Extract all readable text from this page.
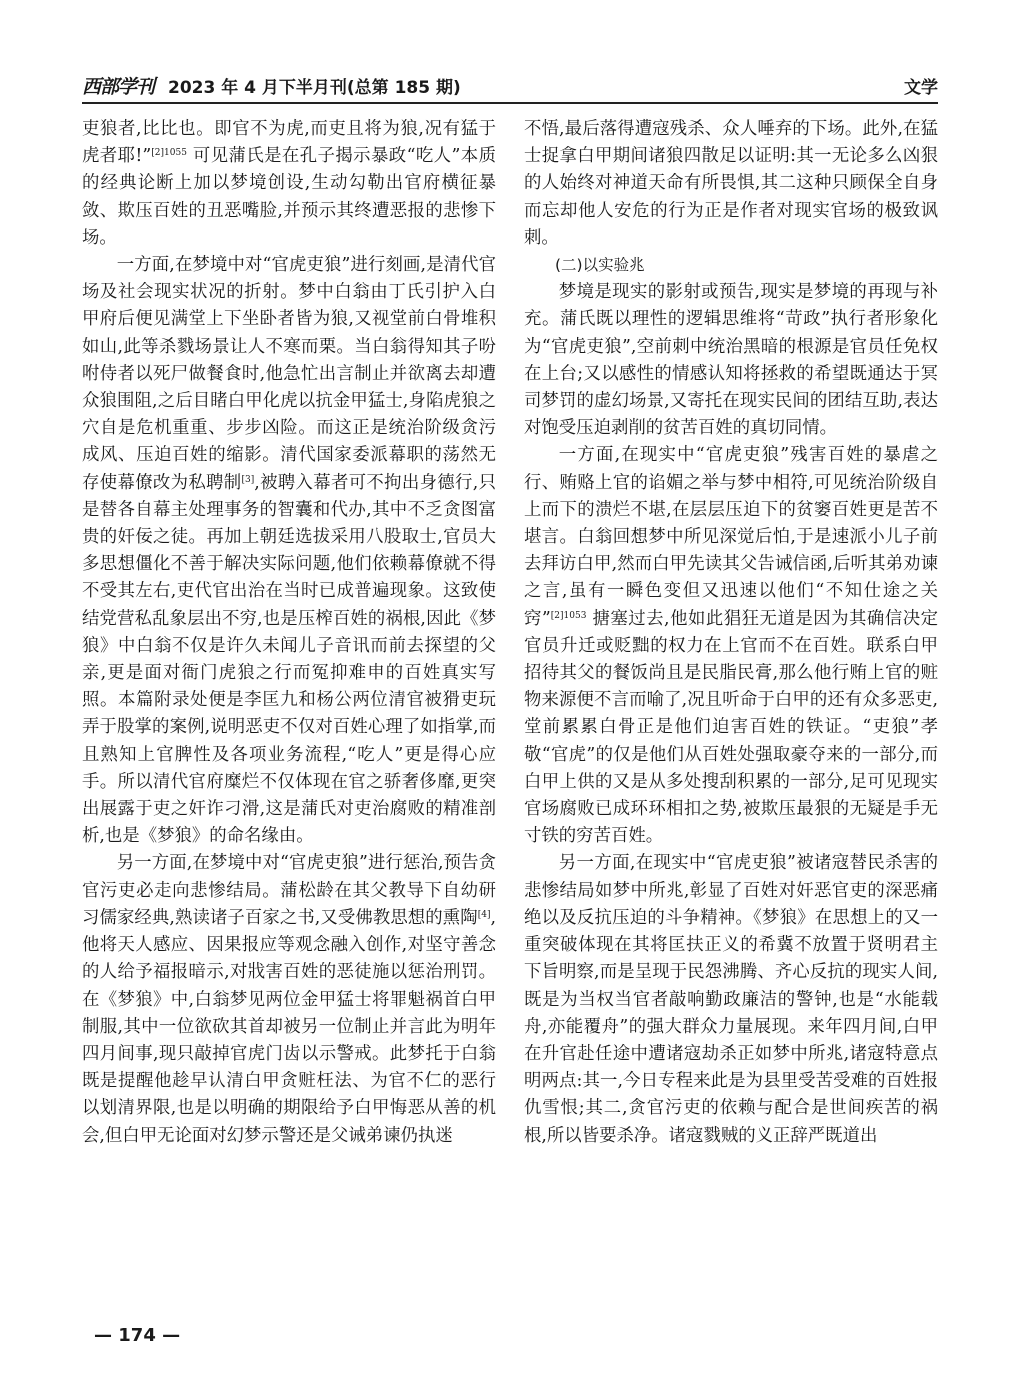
西部学刊 2023 年 4 月下半月刊(总第 185 期)	文学

吏狼者,比比也。即官不为虎,而吏且将为狼,况有猛于虎者耶!”$^{[2]1055}$ 可见蒲氏是在孔子揭示暴政“吃人”本质的经典论断上加以梦境创设,生动勾勒出官府横征暴敛、欺压百姓的丑恶嘴脸,并预示其终遭恶报的悲惨下场。

一方面,在梦境中对“官虎吏狼”进行刻画,是清代官场及社会现实状况的折射。梦中白翁由丁氏引护入白甲府后便见满堂上下坐卧者皆为狼,又视堂前白骨堆积如山,此等杀戮场景让人不寒而栗。当白翁得知其子吩咐侍者以死尸做餐食时,他急忙出言制止并欲离去却遭众狼围阻,之后目睹白甲化虎以抗金甲猛士,身陷虎狼之穴自是危机重重、步步凶险。而这正是统治阶级贪污成风、压迫百姓的缩影。清代国家委派幕职的荡然无存使幕僚改为私聘制[3],被聘入幕者可不拘出身德行,只是替各自幕主处理事务的智囊和代办,其中不乏贪图富贵的奸佞之徒。再加上朝廷选拔采用八股取士,官员大多思想僵化不善于解决实际问题,他们依赖幕僚就不得不受其左右,吏代官出治在当时已成普遍现象。这致使结党营私乱象层出不穷,也是压榨百姓的祸根,因此《梦狼》中白翁不仅是许久未闻儿子音讯而前去探望的父亲,更是面对衙门虎狼之行而冤抑难申的百姓真实写照。本篇附录处便是李匡九和杨公两位清官被猾吏玩弄于股掌的案例,说明恶吏不仅对百姓心理了如指掌,而且熟知上官脾性及各项业务流程,“吃人”更是得心应手。所以清代官府糜烂不仅体现在官之骄奢侈靡,更突出展露于吏之奸诈刁滑,这是蒲氏对吏治腐败的精准剖析,也是《梦狼》的命名缘由。

另一方面,在梦境中对“官虎吏狼”进行惩治,预告贪官污吏必走向悲惨结局。蒲松龄在其父教导下自幼研习儒家经典,熟读诸子百家之书,又受佛教思想的熏陶[4],他将天人感应、因果报应等观念融入创作,对坚守善念的人给予福报暗示,对戕害百姓的恶徒施以惩治刑罚。在《梦狼》中,白翁梦见两位金甲猛士将罪魁祸首白甲制服,其中一位欲砍其首却被另一位制止并言此为明年四月间事,现只敲掉官虎门齿以示警戒。此梦托于白翁既是提醒他趁早认清白甲贪赃枉法、为官不仁的恶行以划清界限,也是以明确的期限给予白甲悔恶从善的机会,但白甲无论面对幻梦示警还是父诫弟谏仍执迷

不悟,最后落得遭寇残杀、众人唾弃的下场。此外,在猛士捉拿白甲期间诸狼四散足以证明:其一无论多么凶狠的人始终对神道天命有所畏惧,其二这种只顾保全自身而忘却他人安危的行为正是作者对现实官场的极致讽刺。

(二)以实验兆

梦境是现实的影射或预告,现实是梦境的再现与补充。蒲氏既以理性的逻辑思维将“苛政”执行者形象化为“官虎吏狼”,空前刺中统治黑暗的根源是官员任免权在上台;又以感性的情感认知将拯救的希望既通达于冥司梦罚的虚幻场景,又寄托在现实民间的团结互助,表达对饱受压迫剥削的贫苦百姓的真切同情。

一方面,在现实中“官虎吏狼”残害百姓的暴虐之行、贿赂上官的谄媚之举与梦中相符,可见统治阶级自上而下的溃烂不堪,在层层压迫下的贫窭百姓更是苦不堪言。白翁回想梦中所见深觉后怕,于是速派小儿子前去拜访白甲,然而白甲先读其父告诫信函,后听其弟劝谏之言,虽有一瞬色变但又迅速以他们“不知仕途之关窍”$^{[2]1053}$ 搪塞过去,他如此猖狂无道是因为其确信决定官员升迁或贬黜的权力在上官而不在百姓。联系白甲招待其父的餐饭尚且是民脂民膏,那么他行贿上官的赃物来源便不言而喻了,况且听命于白甲的还有众多恶吏,堂前累累白骨正是他们迫害百姓的铁证。“吏狼”孝敬“官虎”的仅是他们从百姓处强取豪夺来的一部分,而白甲上供的又是从多处搜刮积累的一部分,足可见现实官场腐败已成环环相扣之势,被欺压最狠的无疑是手无寸铁的穷苦百姓。

另一方面,在现实中“官虎吏狼”被诸寇替民杀害的悲惨结局如梦中所兆,彰显了百姓对奸恶官吏的深恶痛绝以及反抗压迫的斗争精神。《梦狼》在思想上的又一重突破体现在其将匡扶正义的希冀不放置于贤明君主下旨明察,而是呈现于民怨沸腾、齐心反抗的现实人间,既是为当权当官者敲响勤政廉洁的警钟,也是“水能载舟,亦能覆舟”的强大群众力量展现。来年四月间,白甲在升官赴任途中遭诸寇劫杀正如梦中所兆,诸寇特意点明两点:其一,今日专程来此是为县里受苦受难的百姓报仇雪恨;其二,贪官污吏的依赖与配合是世间疾苦的祸根,所以皆要杀净。诸寇戮贼的义正辞严既道出

— 174 —
